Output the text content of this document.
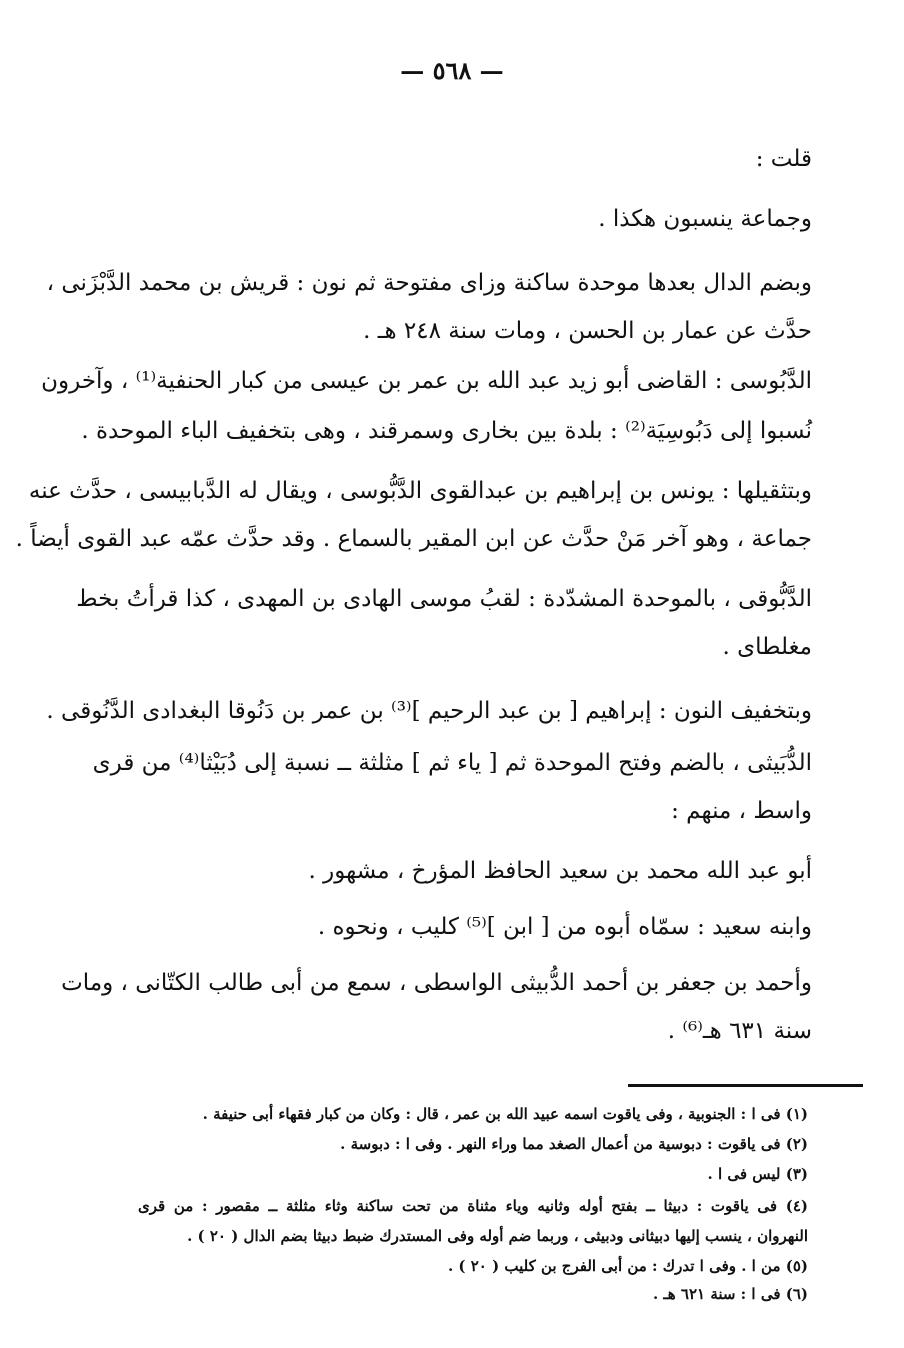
— ٥٦٨ —
قلت :
وجماعة ينسبون هكذا .
وبضم الدال بعدها موحدة ساكنة وزاى مفتوحة ثم نون : قريش بن محمد الدَّبْزَنى ،
حدَّث عن عمار بن الحسن ، ومات سنة ٢٤٨ هـ .
الدَّبُوسى : القاضى أبو زيد عبد الله بن عمر بن عيسى من كبار الحنفية⁽¹⁾ ، وآخرون
نُسبوا إلى دَبُوسِيَة⁽²⁾ : بلدة بين بخارى وسمرقند ، وهى بتخفيف الباء الموحدة .
وبتثقيلها : يونس بن إبراهيم بن عبدالقوى الدَّبُّوسى ، ويقال له الدَّبابيسى ، حدَّث عنه
جماعة ، وهو آخر مَنْ حدَّث عن ابن المقير بالسماع . وقد حدَّث عمّه عبد القوى أيضاً .
الدَّبُّوقى ، بالموحدة المشدّدة : لقبُ موسى الهادى بن المهدى ، كذا قرأتُ بخط
مغلطاى .
وبتخفيف النون : إبراهيم [ بن عبد الرحيم ]⁽³⁾ بن عمر بن دَنُوقا البغدادى الدَّنُوقى .
الدُّبَيثى ، بالضم وفتح الموحدة ثم [ ياء ثم ] مثلثة ــ نسبة إلى دُبَيْثا⁽⁴⁾ من قرى
واسط ، منهم :
أبو عبد الله محمد بن سعيد الحافظ المؤرخ ، مشهور .
وابنه سعيد : سمّاه أبوه من [ ابن ]⁽⁵⁾ كليب ، ونحوه .
وأحمد بن جعفر بن أحمد الدُّبيثى الواسطى ، سمع من أبى طالب الكتّانى ، ومات
سنة ٦٣١ هـ⁽⁶⁾ .
(١) فى ا : الجنوبية ، وفى ياقوت اسمه عبيد الله بن عمر ، قال : وكان من كبار فقهاء أبى حنيفة .
(٢) فى ياقوت : دبوسية من أعمال الصغد مما وراء النهر . وفى ا : دبوسة .
(٣) ليس فى ا .
(٤) فى ياقوت : دبيثا ــ بفتح أوله وثانيه وياء مثناة من تحت ساكنة وثاء مثلثة ــ مقصور : من قرى
النهروان ، ينسب إليها دبيثانى ودبيثى ، وربما ضم أوله وفى المستدرك ضبط دبيثا بضم الدال ( ٢٠ ) .
(٥) من ا . وفى ا تدرك : من أبى الفرج بن كليب ( ٢٠ ) .
(٦) فى ا : سنة ٦٢١ هـ .
